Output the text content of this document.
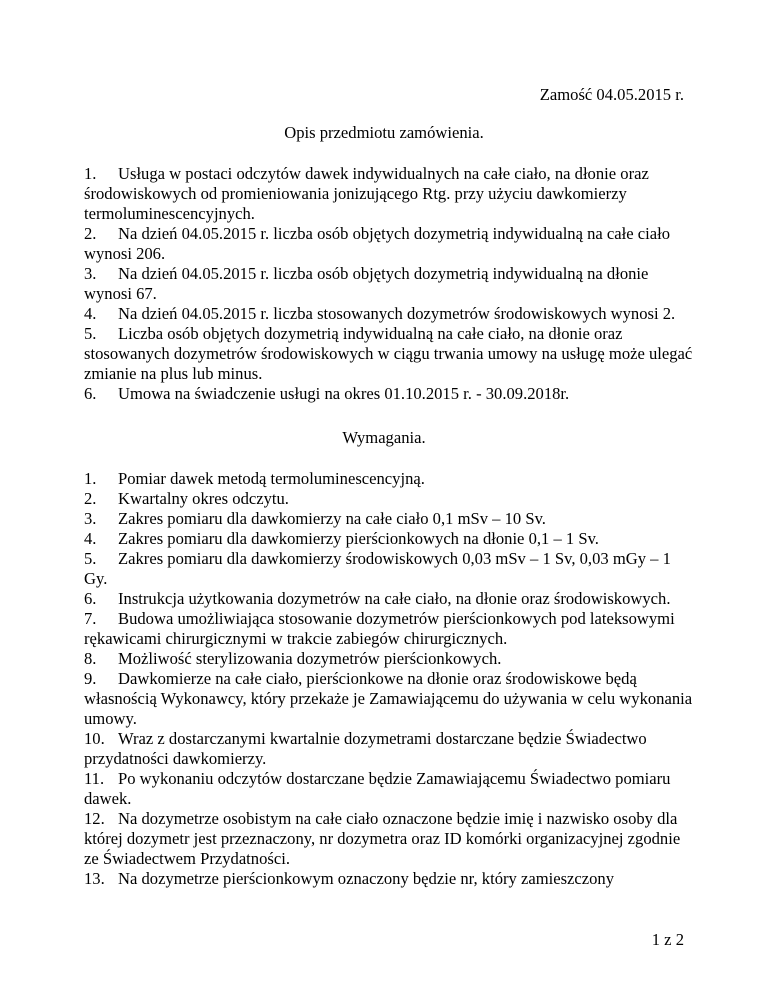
Zamość 04.05.2015 r.
Opis przedmiotu zamówienia.

1. Usługa w postaci odczytów dawek indywidualnych na całe ciało, na dłonie oraz środowiskowych od promieniowania jonizującego Rtg. przy użyciu dawkomierzy termoluminescencyjnych.

2. Na dzień 04.05.2015 r. liczba osób objętych dozymetrią indywidualną na całe ciało wynosi 206.

3. Na dzień 04.05.2015 r. liczba osób objętych dozymetrią indywidualną na dłonie wynosi 67.

4. Na dzień 04.05.2015 r. liczba stosowanych dozymetrów środowiskowych wynosi 2.

5. Liczba osób objętych dozymetrią indywidualną na całe ciało, na dłonie oraz stosowanych dozymetrów środowiskowych w ciągu trwania umowy na usługę może ulegać zmianie na plus lub minus.

6. Umowa na świadczenie usługi na okres 01.10.2015 r. - 30.09.2018r.

Wymagania.

1. Pomiar dawek metodą termoluminescencyjną.

2. Kwartalny okres odczytu.

3. Zakres pomiaru dla dawkomierzy na całe ciało 0,1 mSv – 10 Sv.

4. Zakres pomiaru dla dawkomierzy pierścionkowych na dłonie 0,1 – 1 Sv.

5. Zakres pomiaru dla dawkomierzy środowiskowych 0,03 mSv – 1 Sv, 0,03 mGy – 1 Gy.

6. Instrukcja użytkowania dozymetrów na całe ciało, na dłonie oraz środowiskowych.

7. Budowa umożliwiająca stosowanie dozymetrów pierścionkowych pod lateksowymi rękawicami chirurgicznymi w trakcie zabiegów chirurgicznych.

8. Możliwość sterylizowania dozymetrów pierścionkowych.

9. Dawkomierze na całe ciało, pierścionkowe na dłonie oraz środowiskowe będą własnością Wykonawcy, który przekaże je Zamawiającemu do używania w celu wykonania umowy.

10. Wraz z dostarczanymi kwartalnie dozymetrami dostarczane będzie Świadectwo przydatności dawkomierzy.

11. Po wykonaniu odczytów dostarczane będzie Zamawiającemu Świadectwo pomiaru dawek.

12. Na dozymetrze osobistym na całe ciało oznaczone będzie imię i nazwisko osoby dla której dozymetr jest przeznaczony, nr dozymetra oraz ID komórki organizacyjnej zgodnie ze Świadectwem Przydatności.

13. Na dozymetrze pierścionkowym oznaczony będzie nr, który zamieszczony

1 z 2
